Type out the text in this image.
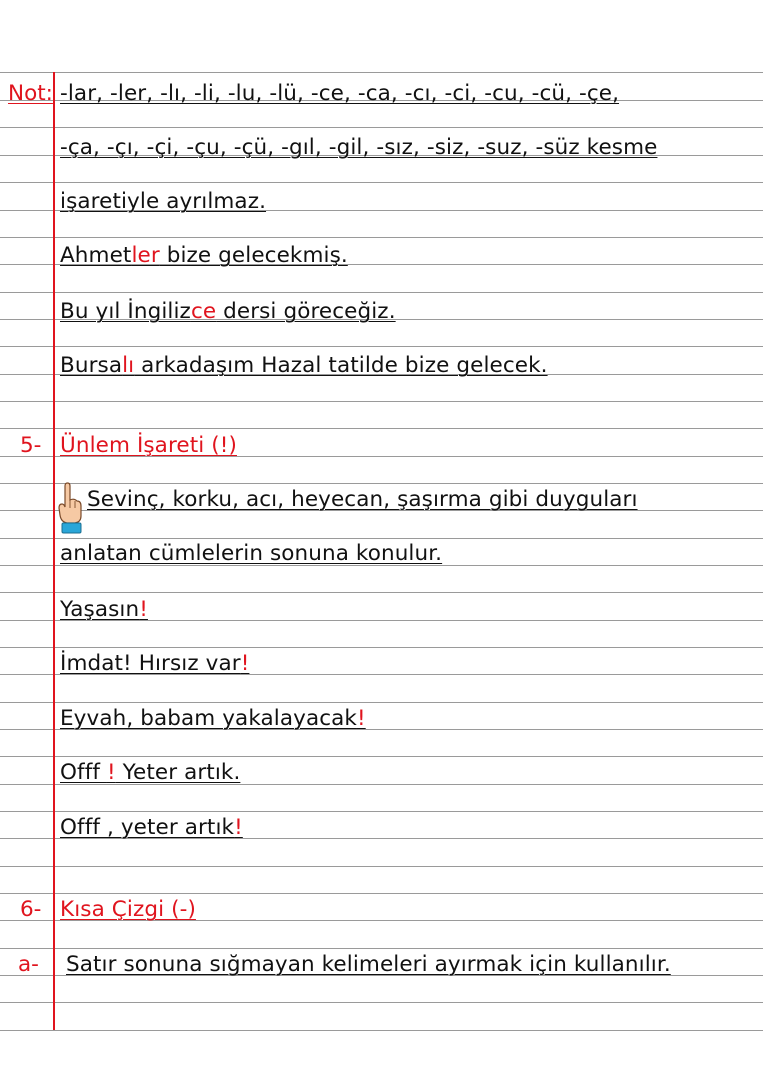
Not: -lar, -ler, -lı, -li, -lu, -lü, -ce, -ca, -cı, -ci, -cu, -cü, -çe,
-ça, -çı, -çi, -çu, -çü, -gıl, -gil, -sız, -siz, -suz, -süz kesme
işaretiyle ayrılmaz.
Ahmetler bize gelecekmiş.
Bu yıl İngilizce dersi göreceğiz.
Bursalı arkadaşım Hazal tatilde bize gelecek.
5- Ünlem İşareti (!)
Sevinç, korku, acı, heyecan, şaşırma gibi duyguları
anlatan cümlelerin sonuna konulur.
Yaşasın!
İmdat! Hırsız var!
Eyvah, babam yakalayacak!
Offf ! Yeter artık.
Offf , yeter artık!
6- Kısa Çizgi (-)
a- Satır sonuna sığmayan kelimeleri ayırmak için kullanılır.
